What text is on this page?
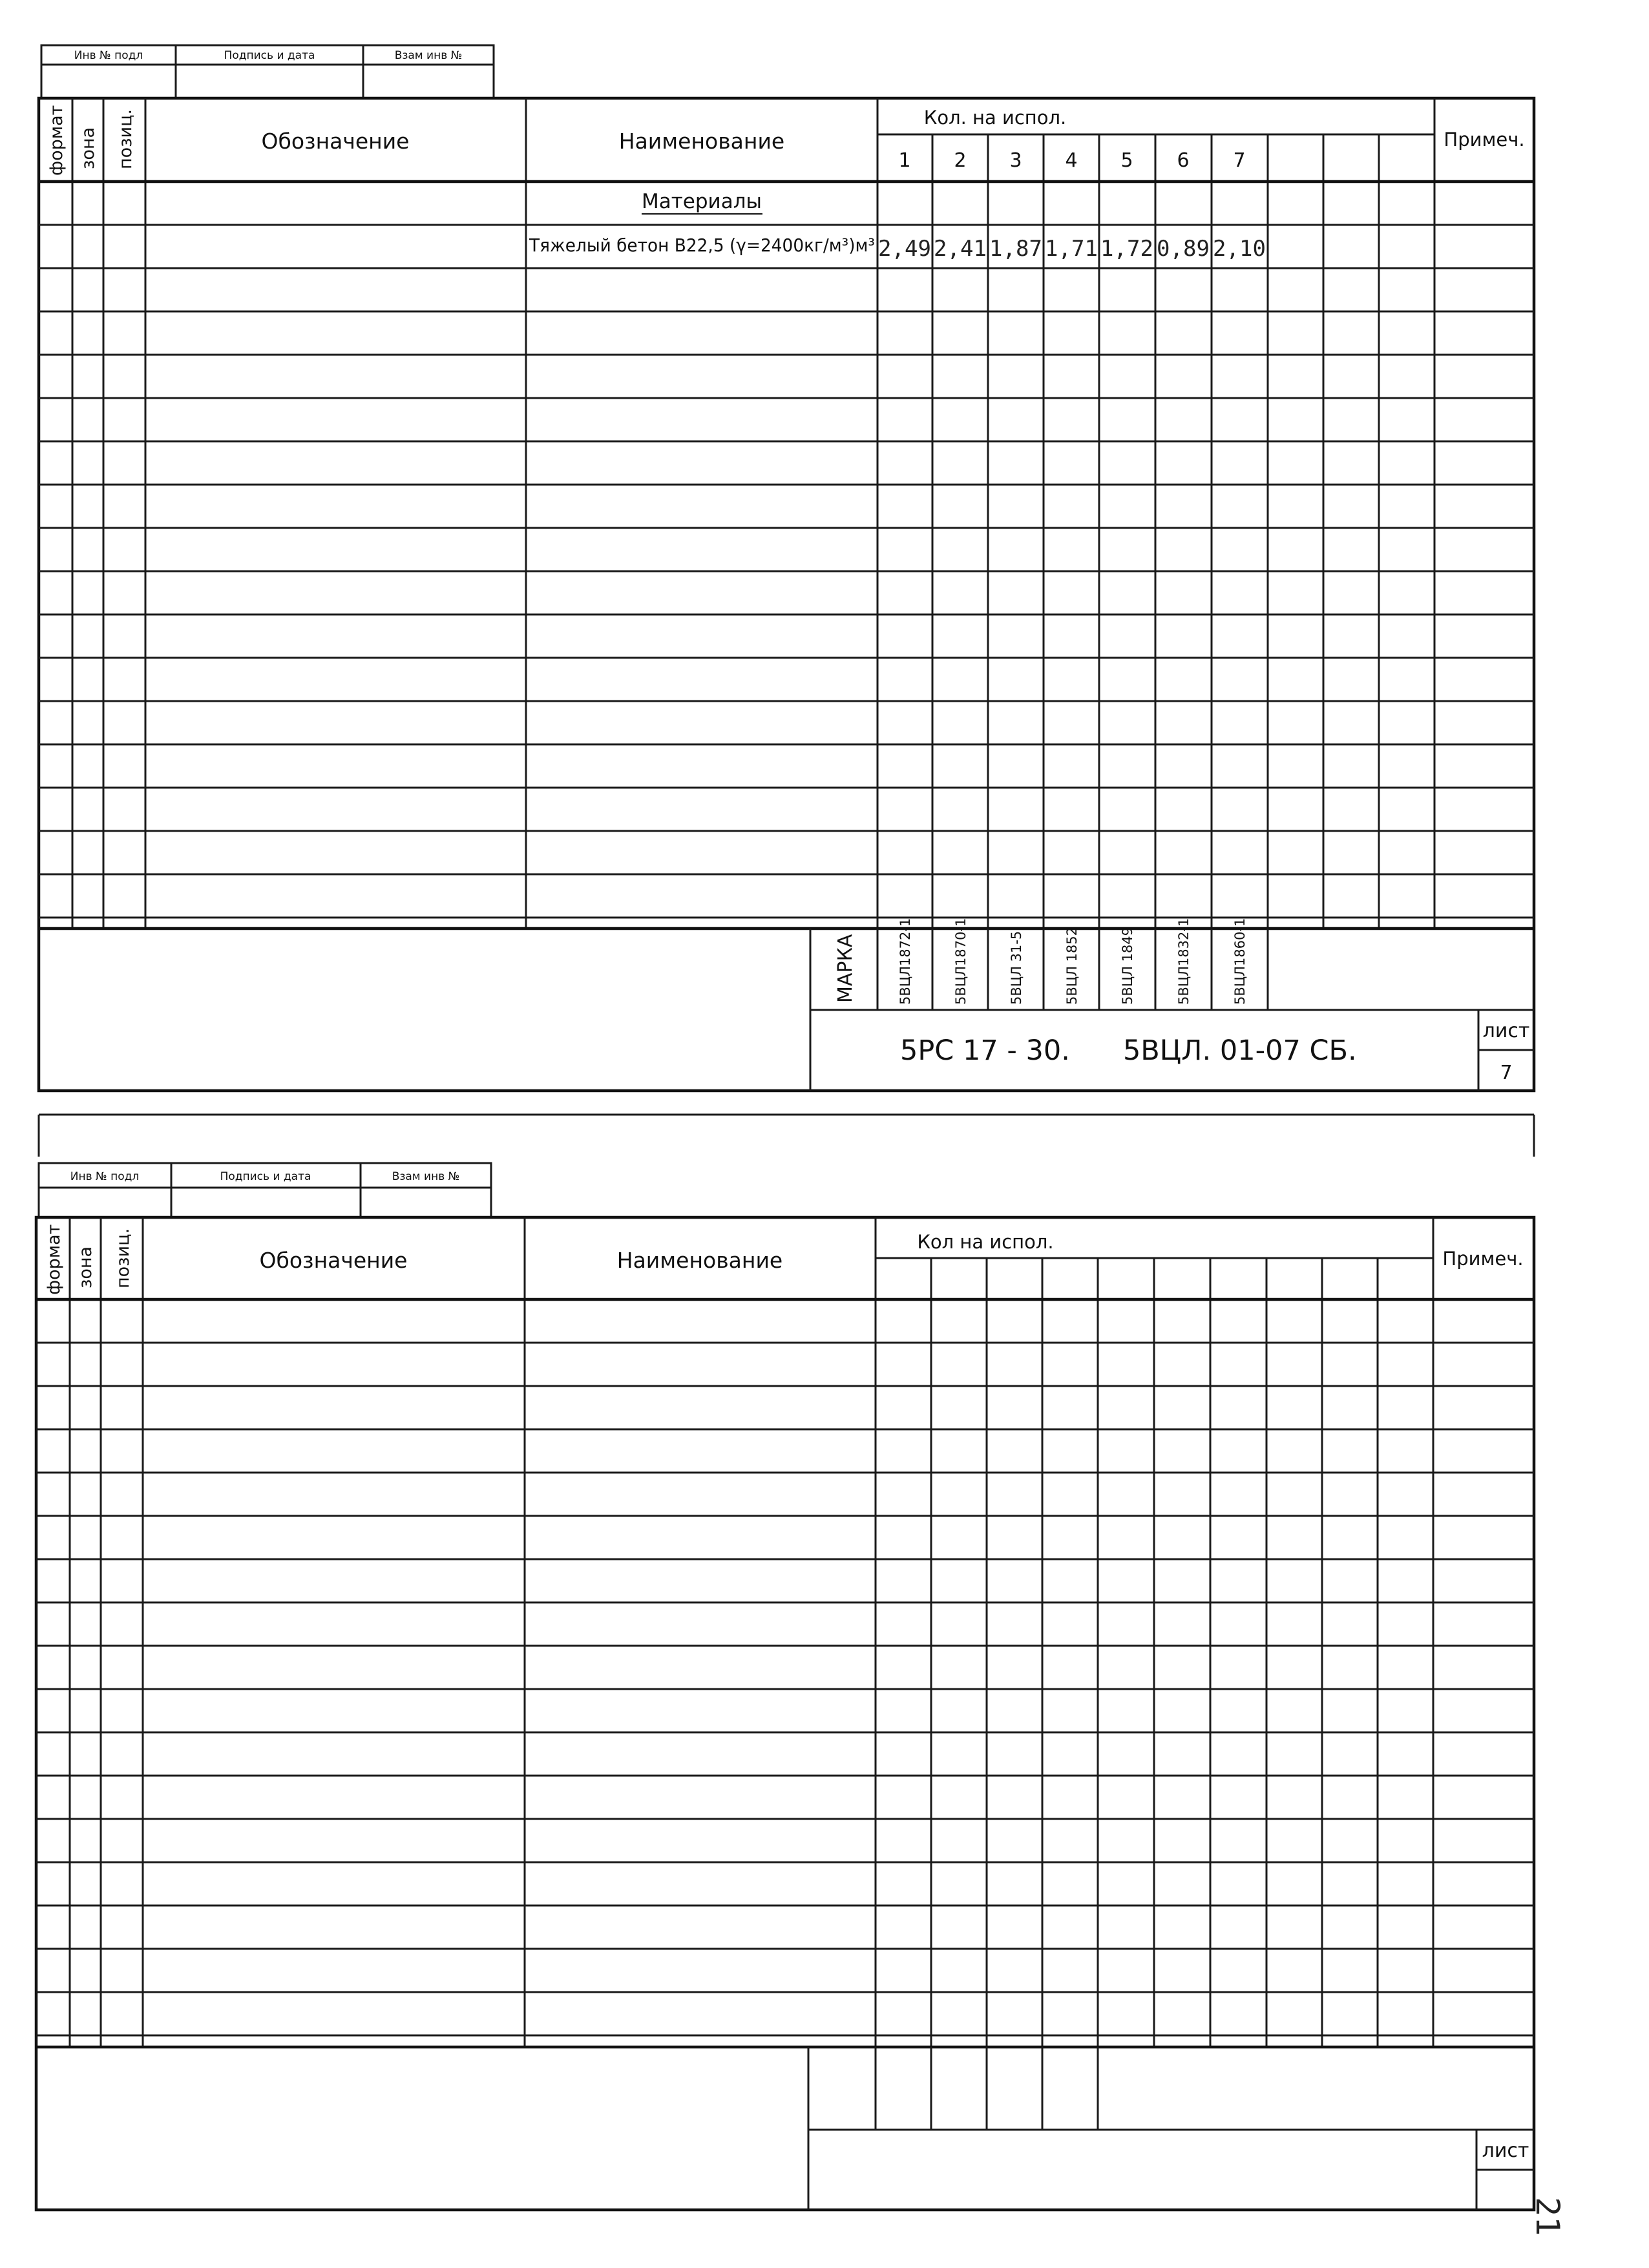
Инв № подл	Подпись и дата	Взам инв №
формат зона позиц.	Обозначение	Наименование
Кол. на испол.
Примеч.
1 2 3 4 5 6 7
Материалы
Тяжелый бетон B22,5 (γ=2400кг/м³)м³ 2,49 2,41 1,87 1,71 1,72 0,89 2,10
МАРКА	5ВЦЛ1872-1	5ВЦЛ1870-1	5ВЦЛ 31-5	5ВЦЛ 1852	5ВЦЛ 1849	5ВЦЛ1832-1	5ВЦЛ1860-1
5РС 17 - 30.      5ВЦЛ. 01-07 СБ.
лист
7
Инв № подл	Подпись и дата	Взам инв №
формат зона позиц.	Обозначение	Наименование
Кол на испол.
Примеч.
лист
21
